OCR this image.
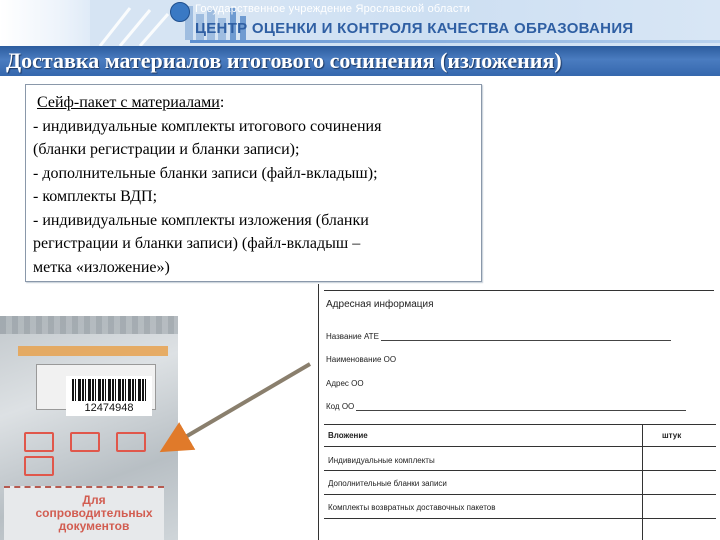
Государственное учреждение Ярославской области
ЦЕНТР ОЦЕНКИ И КОНТРОЛЯ КАЧЕСТВА ОБРАЗОВАНИЯ
Доставка материалов итогового сочинения (изложения)
Сейф-пакет с материалами:
- индивидуальные комплекты итогового сочинения
(бланки регистрации и бланки записи);
- дополнительные бланки записи (файл-вкладыш);
- комплекты ВДП;
- индивидуальные комплекты изложения (бланки
регистрации и бланки записи) (файл-вкладыш –
метка «изложение»)
12474948
Для
сопроводительных
документов
Адресная информация
Название АТЕ
Наименование ОО
Адрес ОО
Код ОО
Вложение	штук
Индивидуальные комплекты
Дополнительные бланки записи
Комплекты возвратных доставочных пакетов
